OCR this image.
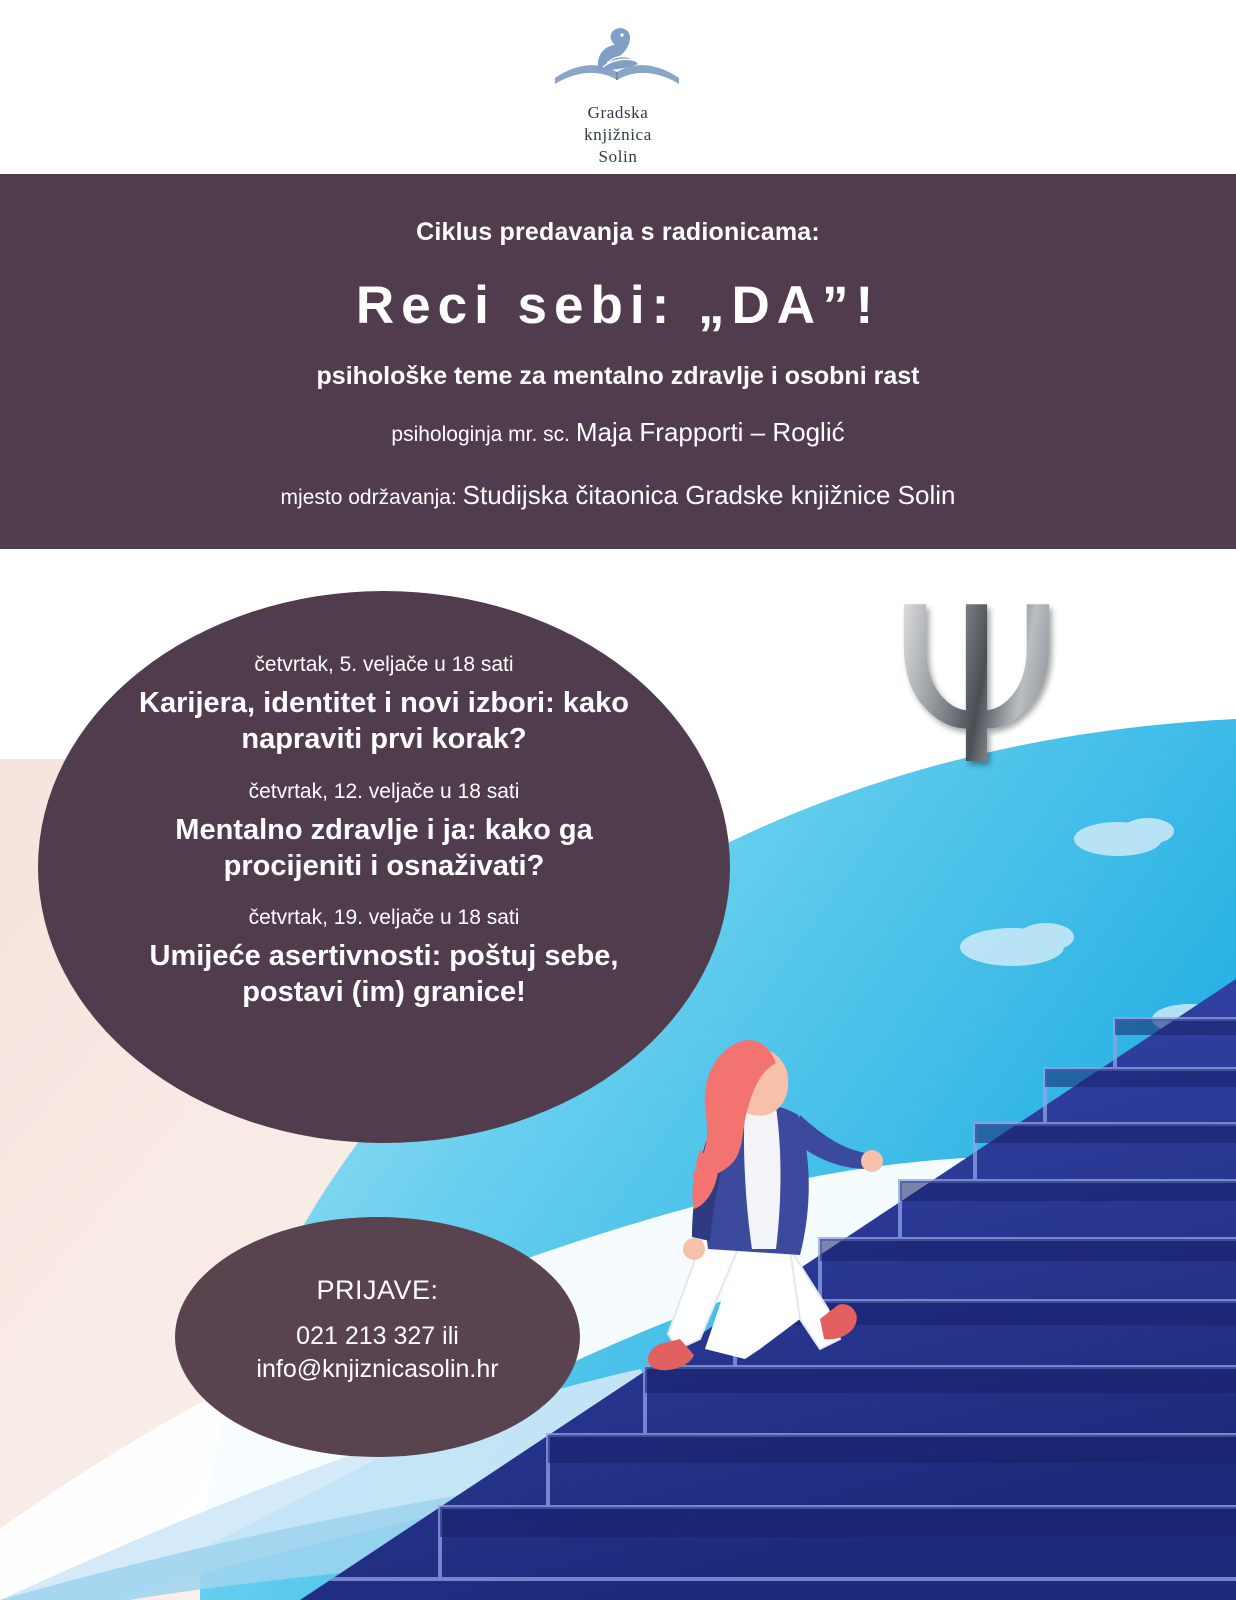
Gradska
knjižnica
Solin
Ciklus predavanja s radionicama:
Reci sebi: „DA”!
psihološke teme za mentalno zdravlje i osobni rast
psihologinja mr. sc. Maja Frapporti – Roglić
mjesto održavanja: Studijska čitaonica Gradske knjižnice Solin
Ψ
četvrtak, 5. veljače u 18 sati
Karijera, identitet i novi izbori: kako napraviti prvi korak?
četvrtak, 12. veljače u 18 sati
Mentalno zdravlje i ja: kako ga procijeniti i osnaživati?
četvrtak, 19. veljače u 18 sati
Umijeće asertivnosti: poštuj sebe, postavi (im) granice!
PRIJAVE:
021 213 327 ili
info@knjiznicasolin.hr
